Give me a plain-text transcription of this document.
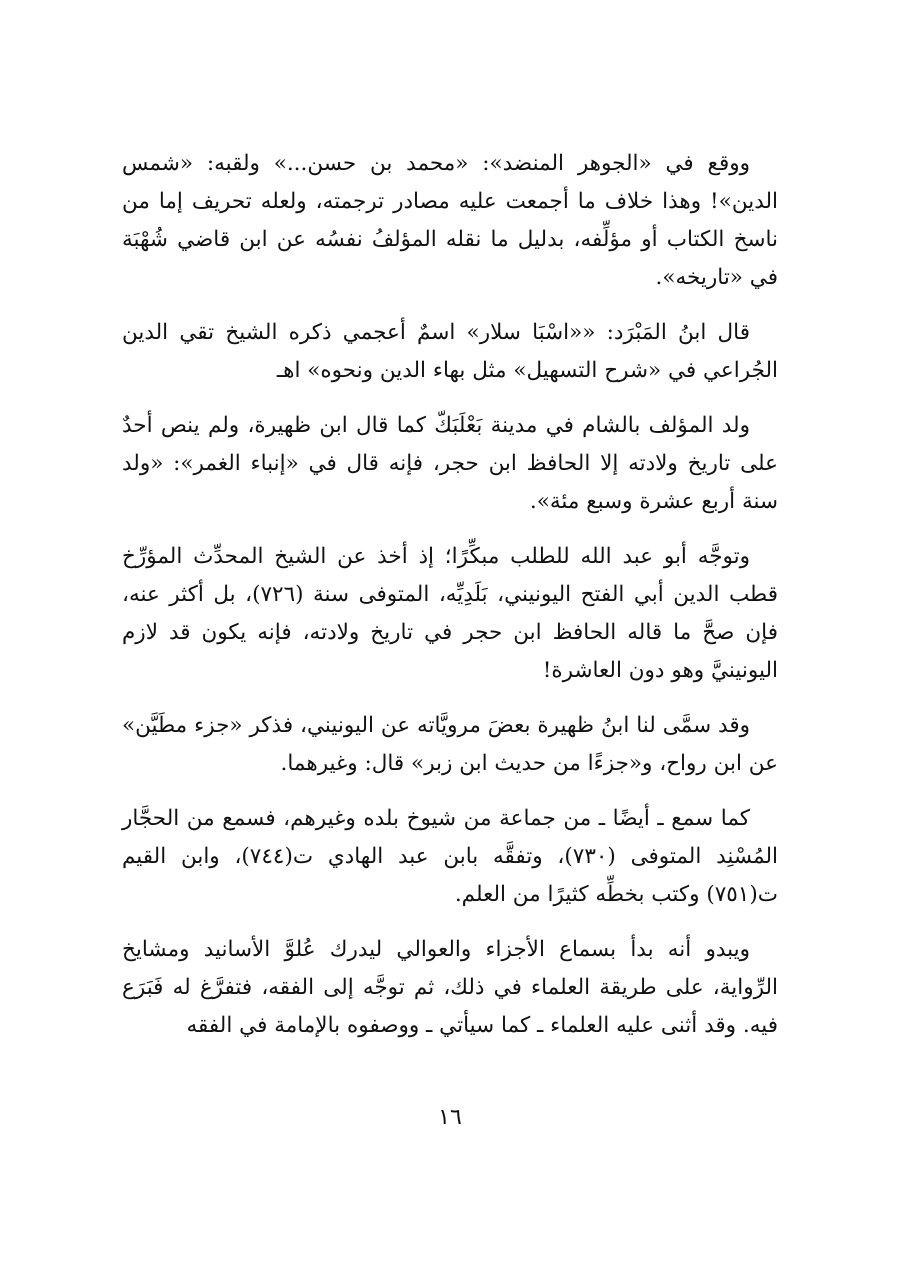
ووقع في «الجوهر المنضد»: «محمد بن حسن...» ولقبه: «شمس الدين»! وهذا خلاف ما أجمعت عليه مصادر ترجمته، ولعله تحريف إما من ناسخ الكتاب أو مؤلِّفه، بدليل ما نقله المؤلفُ نفسُه عن ابن قاضي شُهْبَة في «تاريخه».

قال ابنُ المَبْرَد: ««اسْبَا سلار» اسمٌ أعجمي ذكره الشيخ تقي الدين الجُراعي في «شرح التسهيل» مثل بهاء الدين ونحوه» اهـ

ولد المؤلف بالشام في مدينة بَعْلَبَكّ كما قال ابن ظهيرة، ولم ينص أحدٌ على تاريخ ولادته إلا الحافظ ابن حجر، فإنه قال في «إنباء الغمر»: «ولد سنة أربع عشرة وسبع مئة».

وتوجَّه أبو عبد الله للطلب مبكِّرًا؛ إذ أخذ عن الشيخ المحدِّث المؤرِّخ قطب الدين أبي الفتح اليونيني، بَلَدِيِّه، المتوفى سنة (٧٢٦)، بل أكثر عنه، فإن صحَّ ما قاله الحافظ ابن حجر في تاريخ ولادته، فإنه يكون قد لازم اليونينيَّ وهو دون العاشرة!

وقد سمَّى لنا ابنُ ظهيرة بعضَ مرويَّاته عن اليونيني، فذكر «جزء مطَيَّن» عن ابن رواح، و«جزءًا من حديث ابن زبر» قال: وغيرهما.

كما سمع ـ أيضًا ـ من جماعة من شيوخ بلده وغيرهم، فسمع من الحجَّار المُسْنِد المتوفى (٧٣٠)، وتفقَّه بابن عبد الهادي ت(٧٤٤)، وابن القيم ت(٧٥١) وكتب بخطِّه كثيرًا من العلم.

ويبدو أنه بدأ بسماع الأجزاء والعوالي ليدرك عُلوَّ الأسانيد ومشايخ الرِّواية، على طريقة العلماء في ذلك، ثم توجَّه إلى الفقه، فتفرَّغ له فَبَرَع فيه. وقد أثنى عليه العلماء ـ كما سيأتي ـ ووصفوه بالإمامة في الفقه

١٦
